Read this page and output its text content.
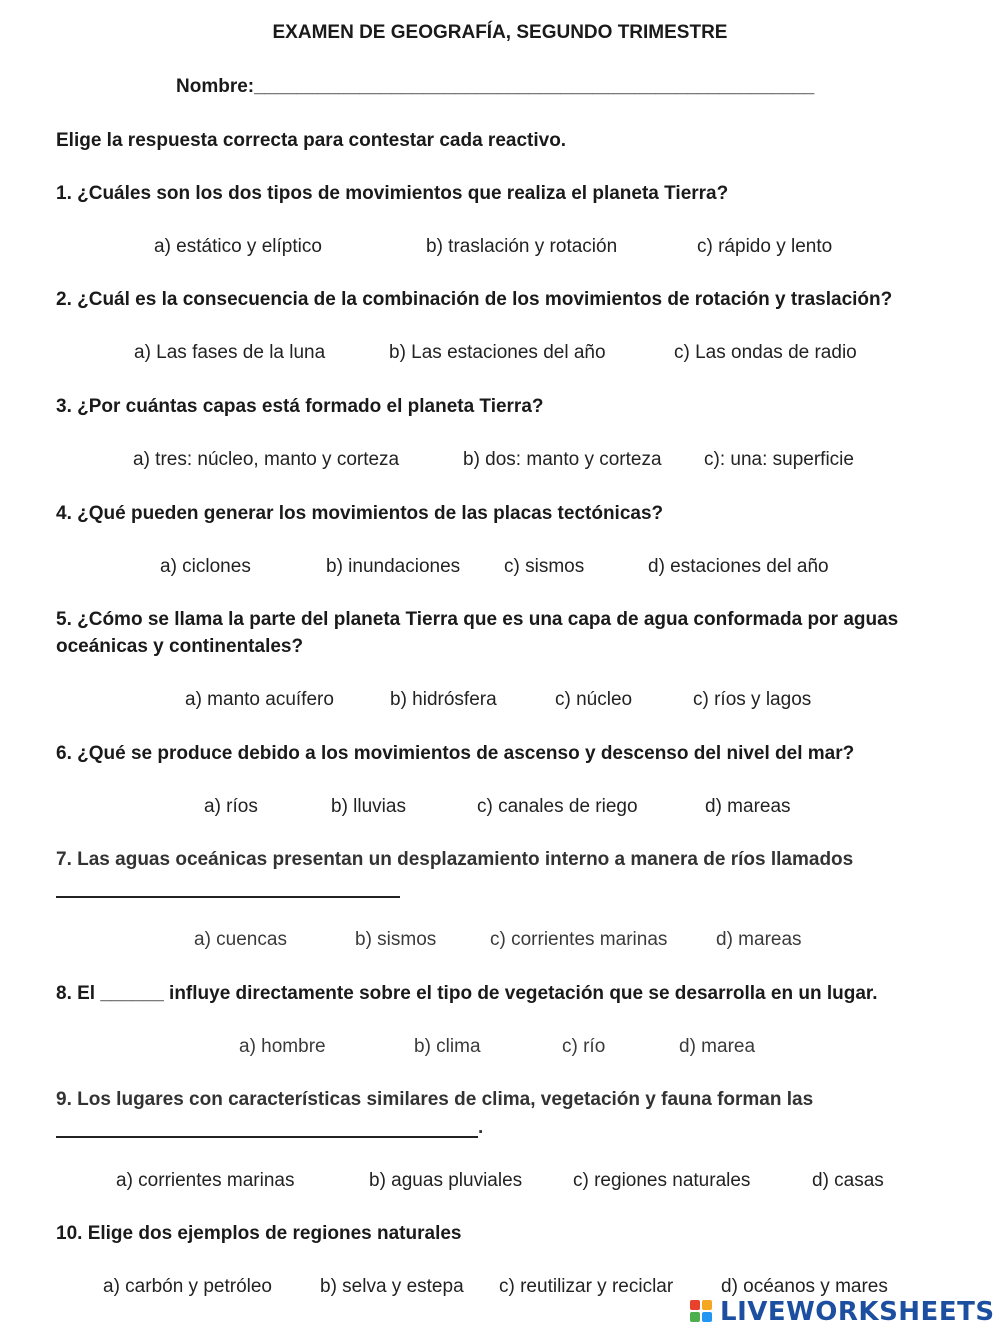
EXAMEN DE GEOGRAFÍA, SEGUNDO TRIMESTRE

Nombre:_____________________________________________________

Elige la respuesta correcta para contestar cada reactivo.

1. ¿Cuáles son los dos tipos de movimientos que realiza el planeta Tierra?

a) estático y elíptico	b) traslación y rotación	c) rápido y lento

2. ¿Cuál es la consecuencia de la combinación de los movimientos de rotación y traslación?

a) Las fases de la luna	b) Las estaciones del año	c) Las ondas de radio

3. ¿Por cuántas capas está formado el planeta Tierra?

a) tres: núcleo, manto y corteza	b) dos: manto y corteza c): una: superficie

4. ¿Qué pueden generar los movimientos de las placas tectónicas?

a) ciclones	b) inundaciones c) sismos	d) estaciones del año

5. ¿Cómo se llama la parte del planeta Tierra que es una capa de agua conformada por aguas

oceánicas y continentales?

a) manto acuífero	b) hidrósfera	c) núcleo	c) ríos y lagos

6. ¿Qué se produce debido a los movimientos de ascenso y descenso del nivel del mar?

a) ríos	b) lluvias	c) canales de riego	d) mareas

7. Las aguas oceánicas presentan un desplazamiento interno a manera de ríos llamados

a) cuencas	b) sismos	c) corrientes marinas	d) mareas

8. El ______ influye directamente sobre el tipo de vegetación que se desarrolla en un lugar.

a) hombre	b) clima	c) río	d) marea

9. Los lugares con características similares de clima, vegetación y fauna forman las

.

a) corrientes marinas	b) aguas pluviales	c) regiones naturales	d) casas

10. Elige dos ejemplos de regiones naturales

a) carbón y petróleo	b) selva y estepa c) reutilizar y reciclar	d) océanos y mares
LIVEWORKSHEETS
